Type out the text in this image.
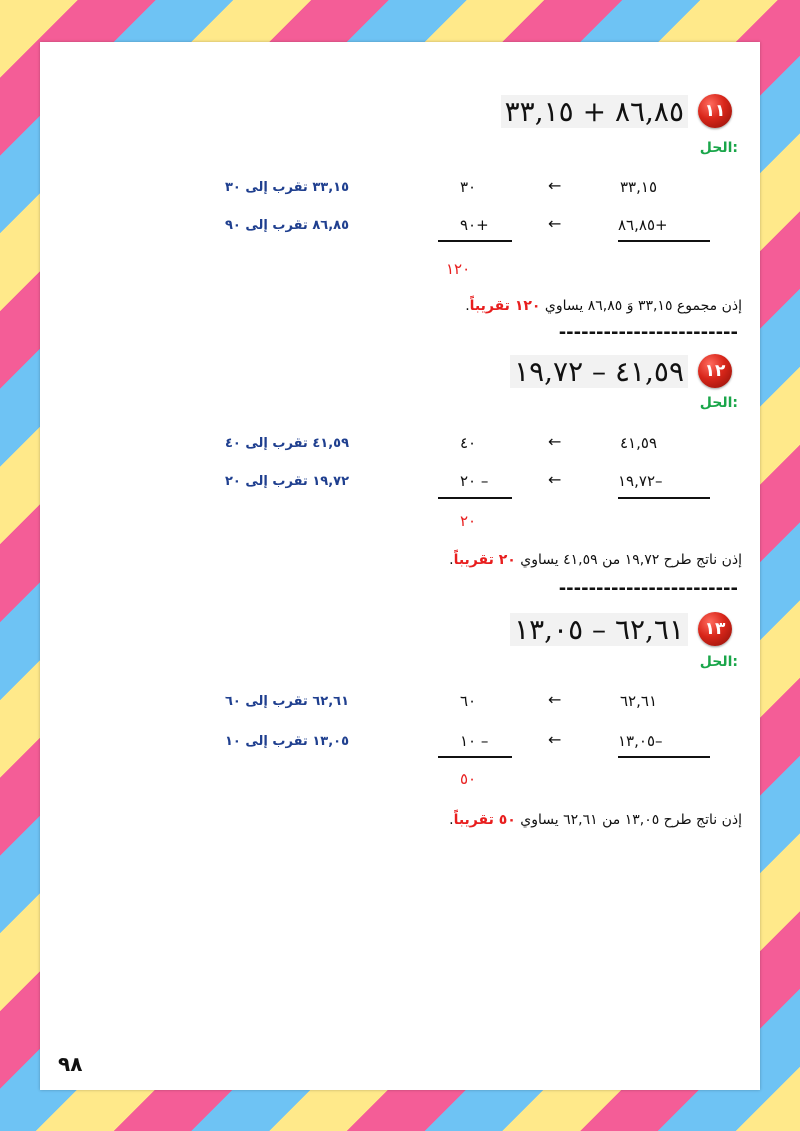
١١
٨٦,٨٥ + ٣٣,١٥
الحل:
٣٣,١٥
←
٣٠
٣٣,١٥ تقرب إلى ٣٠
٨٦,٨٥+
←
٩٠+
٨٦,٨٥ تقرب إلى ٩٠
١٢٠
إذن مجموع ٣٣,١٥ وَ ٨٦,٨٥ يساوي ١٢٠ تقريباً.
------------------------
١٢
٤١,٥٩ – ١٩,٧٢
الحل:
٤١,٥٩
←
٤٠
٤١,٥٩ تقرب إلى ٤٠
١٩,٧٢–
←
٢٠ –
١٩,٧٢ تقرب إلى ٢٠
٢٠
إذن ناتج طرح ١٩,٧٢ من ٤١,٥٩ يساوي ٢٠ تقريباً.
------------------------
١٣
٦٢,٦١ – ١٣,٠٥
الحل:
٦٢,٦١
←
٦٠
٦٢,٦١ تقرب إلى ٦٠
١٣,٠٥–
←
١٠ –
١٣,٠٥ تقرب إلى ١٠
٥٠
إذن ناتج طرح ١٣,٠٥ من ٦٢,٦١ يساوي ٥٠ تقريباً.
٩٨
